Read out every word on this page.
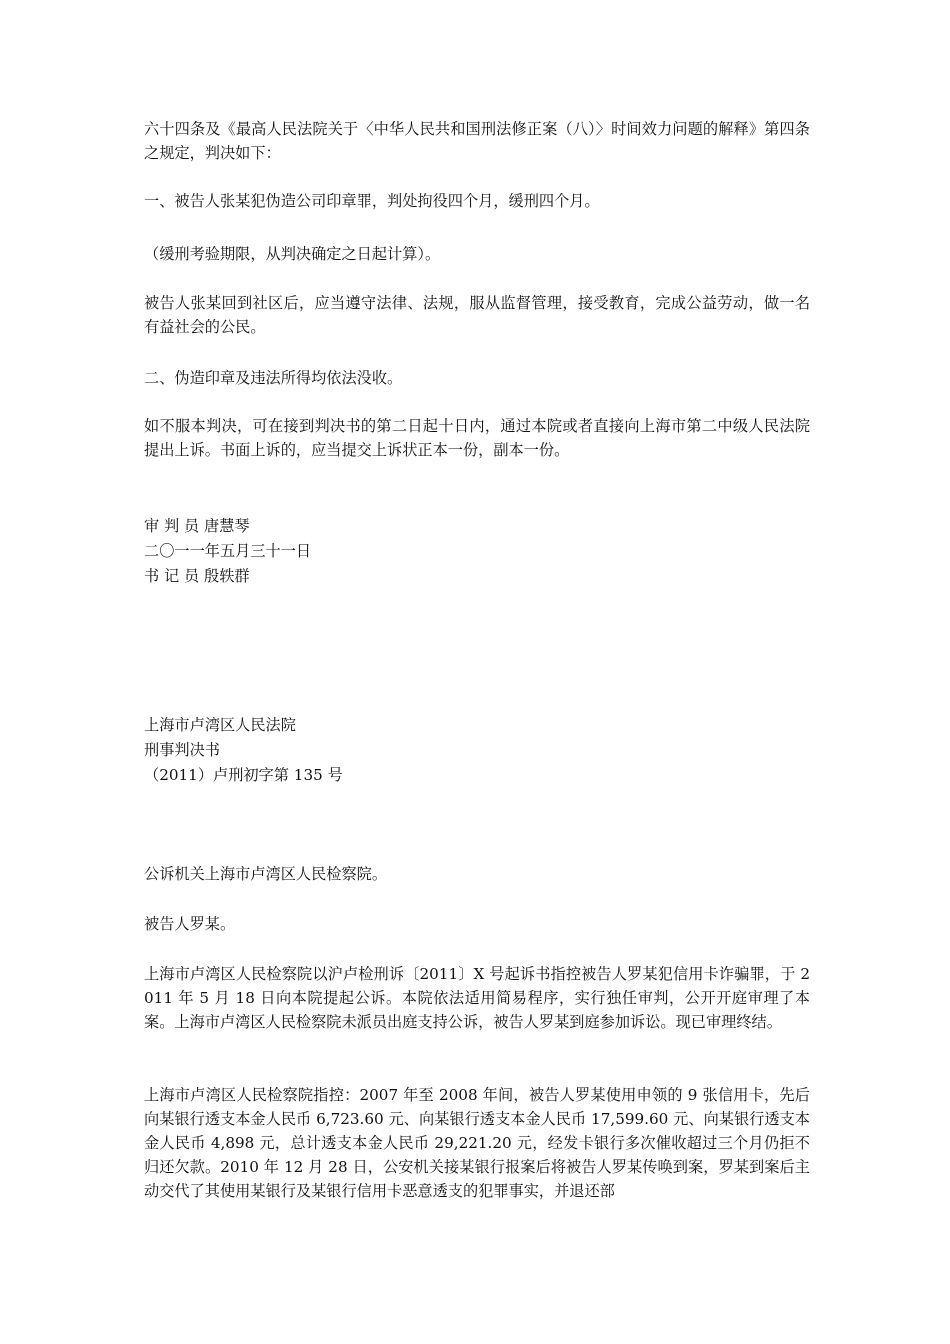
六十四条及《最高人民法院关于〈中华人民共和国刑法修正案（八）〉时间效力问题的解释》第四条之规定，判决如下：

一、被告人张某犯伪造公司印章罪，判处拘役四个月，缓刑四个月。

（缓刑考验期限，从判决确定之日起计算）。

被告人张某回到社区后，应当遵守法律、法规，服从监督管理，接受教育，完成公益劳动，做一名有益社会的公民。

二、伪造印章及违法所得均依法没收。

如不服本判决，可在接到判决书的第二日起十日内，通过本院或者直接向上海市第二中级人民法院提出上诉。书面上诉的，应当提交上诉状正本一份，副本一份。

审 判 员 唐慧琴

二〇一一年五月三十一日

书 记 员 殷轶群

上海市卢湾区人民法院

刑事判决书

（2011）卢刑初字第 135 号

公诉机关上海市卢湾区人民检察院。

被告人罗某。

上海市卢湾区人民检察院以沪卢检刑诉〔2011〕X 号起诉书指控被告人罗某犯信用卡诈骗罪，于 2011 年 5 月 18 日向本院提起公诉。本院依法适用简易程序，实行独任审判，公开开庭审理了本案。上海市卢湾区人民检察院未派员出庭支持公诉，被告人罗某到庭参加诉讼。现已审理终结。

上海市卢湾区人民检察院指控：2007 年至 2008 年间，被告人罗某使用申领的 9 张信用卡，先后向某银行透支本金人民币 6,723.60 元、向某银行透支本金人民币 17,599.60 元、向某银行透支本金人民币 4,898 元，总计透支本金人民币 29,221.20 元，经发卡银行多次催收超过三个月仍拒不归还欠款。2010 年 12 月 28 日，公安机关接某银行报案后将被告人罗某传唤到案，罗某到案后主动交代了其使用某银行及某银行信用卡恶意透支的犯罪事实，并退还部
